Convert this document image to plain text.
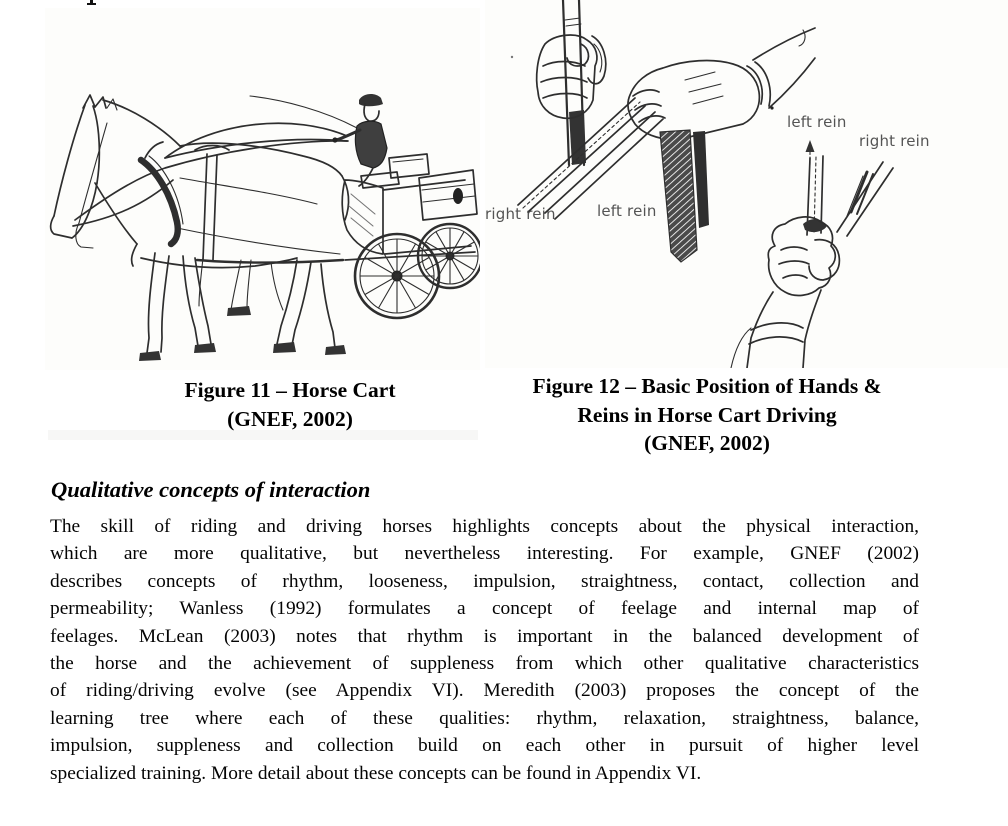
right rein	left rein
left rein
right rein
Figure 11 – Horse Cart
(GNEF, 2002)
Figure 12 – Basic Position of Hands &
Reins in Horse Cart Driving
(GNEF, 2002)
Qualitative concepts of interaction
The skill of riding and driving horses highlights concepts about the physical interaction,
which are more qualitative, but nevertheless interesting. For example, GNEF (2002)
describes concepts of rhythm, looseness, impulsion, straightness, contact, collection and
permeability; Wanless (1992) formulates a concept of feelage and internal map of
feelages. McLean (2003) notes that rhythm is important in the balanced development of
the horse and the achievement of suppleness from which other qualitative characteristics
of riding/driving evolve (see Appendix VI). Meredith (2003) proposes the concept of the
learning tree where each of these qualities: rhythm, relaxation, straightness, balance,
impulsion, suppleness and collection build on each other in pursuit of higher level
specialized training. More detail about these concepts can be found in Appendix VI.
